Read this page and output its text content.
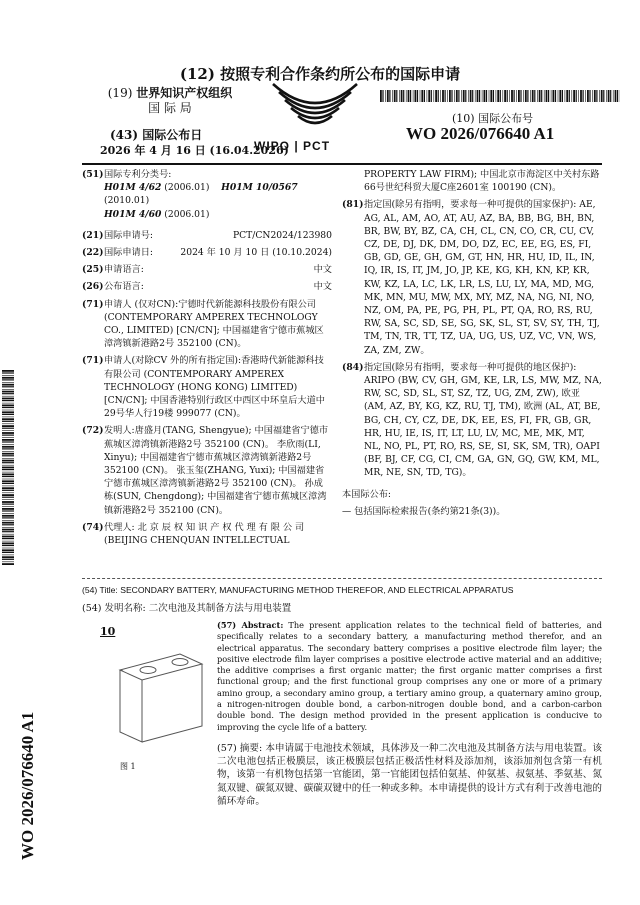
(12) 按照专利合作条约所公布的国际申请
(19) 世界知识产权组织
国 际 局
(43) 国际公布日
2026 年 4 月 16 日 (16.04.2026)
WIPO | PCT
(10) 国际公布号
WO 2026/076640 A1

(51) 国际专利分类号:
H01M 4/62 (2006.01) H01M 10/0567 (2010.01)
H01M 4/60 (2006.01)

(21) 国际申请号:	PCT/CN2024/123980

(22) 国际申请日:	2024 年 10 月 10 日 (10.10.2024)

(25) 申请语言:	中文

(26) 公布语言:	中文

(71) 申请人 (仅对CN):宁德时代新能源科技股份有限公司 (CONTEMPORARY AMPEREX TECHNOLOGY CO., LIMITED) [CN/CN]; 中国福建省宁德市蕉城区漳湾镇新港路2号 352100 (CN)。

(71) 申请人(对除CV 外的所有指定国):香港時代新能源科技有限公司 (CONTEMPORARY AMPEREX TECHNOLOGY (HONG KONG) LIMITED) [CN/CN]; 中国香港特别行政区中西区中环皇后大道中29号华人行19楼 999077 (CN)。

(72) 发明人:唐盛月(TANG, Shengyue); 中国福建省宁德市蕉城区漳湾镇新港路2号 352100 (CN)。 李欣雨(LI, Xinyu); 中国福建省宁德市蕉城区漳湾镇新港路2号 352100 (CN)。 张玉玺(ZHANG, Yuxi); 中国福建省宁德市蕉城区漳湾镇新港路2号 352100 (CN)。 孙成栋(SUN, Chengdong); 中国福建省宁德市蕉城区漳湾镇新港路2号 352100 (CN)。

(74) 代理人: 北 京 辰 权 知 识 产 权 代 理 有 限 公 司 (BEIJING CHENQUAN INTELLECTUAL

PROPERTY LAW FIRM); 中国北京市海淀区中关村东路66号世纪科贸大厦C座2601室 100190 (CN)。

(81) 指定国(除另有指明，要求每一种可提供的国家保护): AE, AG, AL, AM, AO, AT, AU, AZ, BA, BB, BG, BH, BN, BR, BW, BY, BZ, CA, CH, CL, CN, CO, CR, CU, CV, CZ, DE, DJ, DK, DM, DO, DZ, EC, EE, EG, ES, FI, GB, GD, GE, GH, GM, GT, HN, HR, HU, ID, IL, IN, IQ, IR, IS, IT, JM, JO, JP, KE, KG, KH, KN, KP, KR, KW, KZ, LA, LC, LK, LR, LS, LU, LY, MA, MD, MG, MK, MN, MU, MW, MX, MY, MZ, NA, NG, NI, NO, NZ, OM, PA, PE, PG, PH, PL, PT, QA, RO, RS, RU, RW, SA, SC, SD, SE, SG, SK, SL, ST, SV, SY, TH, TJ, TM, TN, TR, TT, TZ, UA, UG, US, UZ, VC, VN, WS, ZA, ZM, ZW。

(84) 指定国(除另有指明，要求每一种可提供的地区保护): ARIPO (BW, CV, GH, GM, KE, LR, LS, MW, MZ, NA, RW, SC, SD, SL, ST, SZ, TZ, UG, ZM, ZW), 欧亚 (AM, AZ, BY, KG, KZ, RU, TJ, TM), 欧洲 (AL, AT, BE, BG, CH, CY, CZ, DE, DK, EE, ES, FI, FR, GB, GR, HR, HU, IE, IS, IT, LT, LU, LV, MC, ME, MK, MT, NL, NO, PL, PT, RO, RS, SE, SI, SK, SM, TR), OAPI (BF, BJ, CF, CG, CI, CM, GA, GN, GQ, GW, KM, ML, MR, NE, SN, TD, TG)。

本国际公布:

— 包括国际检索报告(条约第21条(3))。

(54) Title: SECONDARY BATTERY, MANUFACTURING METHOD THEREFOR, AND ELECTRICAL APPARATUS
(54) 发明名称: 二次电池及其制备方法与用电装置
10
图 1
(57) Abstract: The present application relates to the technical field of batteries, and specifically relates to a secondary battery, a manufacturing method therefor, and an electrical apparatus. The secondary battery comprises a positive electrode film layer; the positive electrode film layer comprises a positive electrode active material and an additive; the additive comprises a first organic matter; the first organic matter comprises a first functional group; and the first functional group comprises any one or more of a primary amino group, a secondary amino group, a tertiary amino group, a quaternary amino group, a nitrogen-nitrogen double bond, a carbon-nitrogen double bond, and a carbon-carbon double bond. The design method provided in the present application is conducive to improving the cycle life of a battery.
(57) 摘要: 本申请属于电池技术领域，具体涉及一种二次电池及其制备方法与用电装置。该二次电池包括正极膜层，该正极膜层包括正极活性材料及添加剂，该添加剂包含第一有机物，该第一有机物包括第一官能团，第一官能团包括伯氨基、仲氨基、叔氨基、季氨基、氮氮双键、碳氮双键、碳碳双键中的任一种或多种。本申请提供的设计方式有利于改善电池的循环寿命。
WO 2026/076640 A1
